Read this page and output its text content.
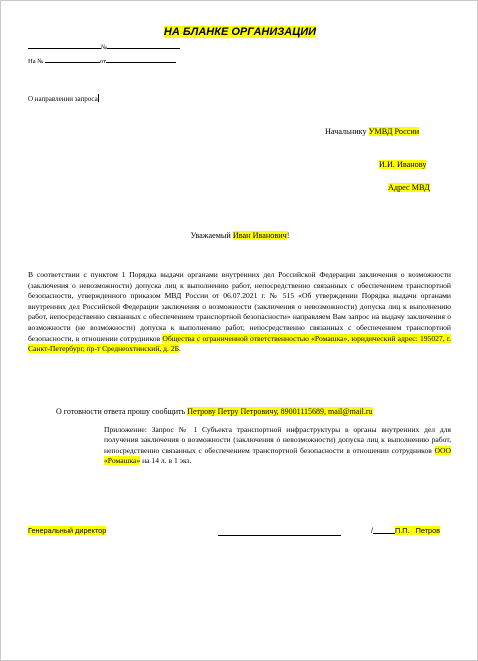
НА БЛАНКЕ ОРГАНИЗАЦИИ
№
На №	от
О направлении запроса
Начальнику УМВД России
И.И. Иванову
Адрес МВД
Уважаемый Иван Иванович!
В соответствии с пунктом 1 Порядка выдачи органами внутренних дел Российской Федерации заключения о возможности (заключения о невозможности) допуска лиц к выполнению работ, непосредственно связанных с обеспечением транспортной безопасности, утвержденного приказом МВД России от 06.07.2021 г. № 515 «Об утверждении Порядка выдачи органами внутренних дел Российской Федерации заключения о возможности (заключения о невозможности) допуска лиц к выполнению работ, непосредственно связанных с обеспечением транспортной безопасности» направляем Вам запрос на выдачу заключения о возможности (не возможности) допуска к выполнению работ, непосредственно связанных с обеспечением транспортной безопасности, в отношении сотрудников Общества с ограниченной ответственностью «Ромашка», юридический адрес: 195027, г. Санкт-Петербург, пр-т Среднеохтинский, д. 2Б.
О готовности ответа прошу сообщить Петрову Петру Петровичу, 89001115689, mail@mail.ru
Приложение: Запрос № 1 Субъекта транспортной инфраструктуры в органы внутренних дел для получения заключения о возможности (заключения о невозможности) допуска лиц к выполнению работ, непосредственно связанных с обеспечением транспортной безопасности в отношении сотрудников ООО «Ромашка» на 14 л. в 1 экз.
Генеральный директор	/	П.П.   Петров
